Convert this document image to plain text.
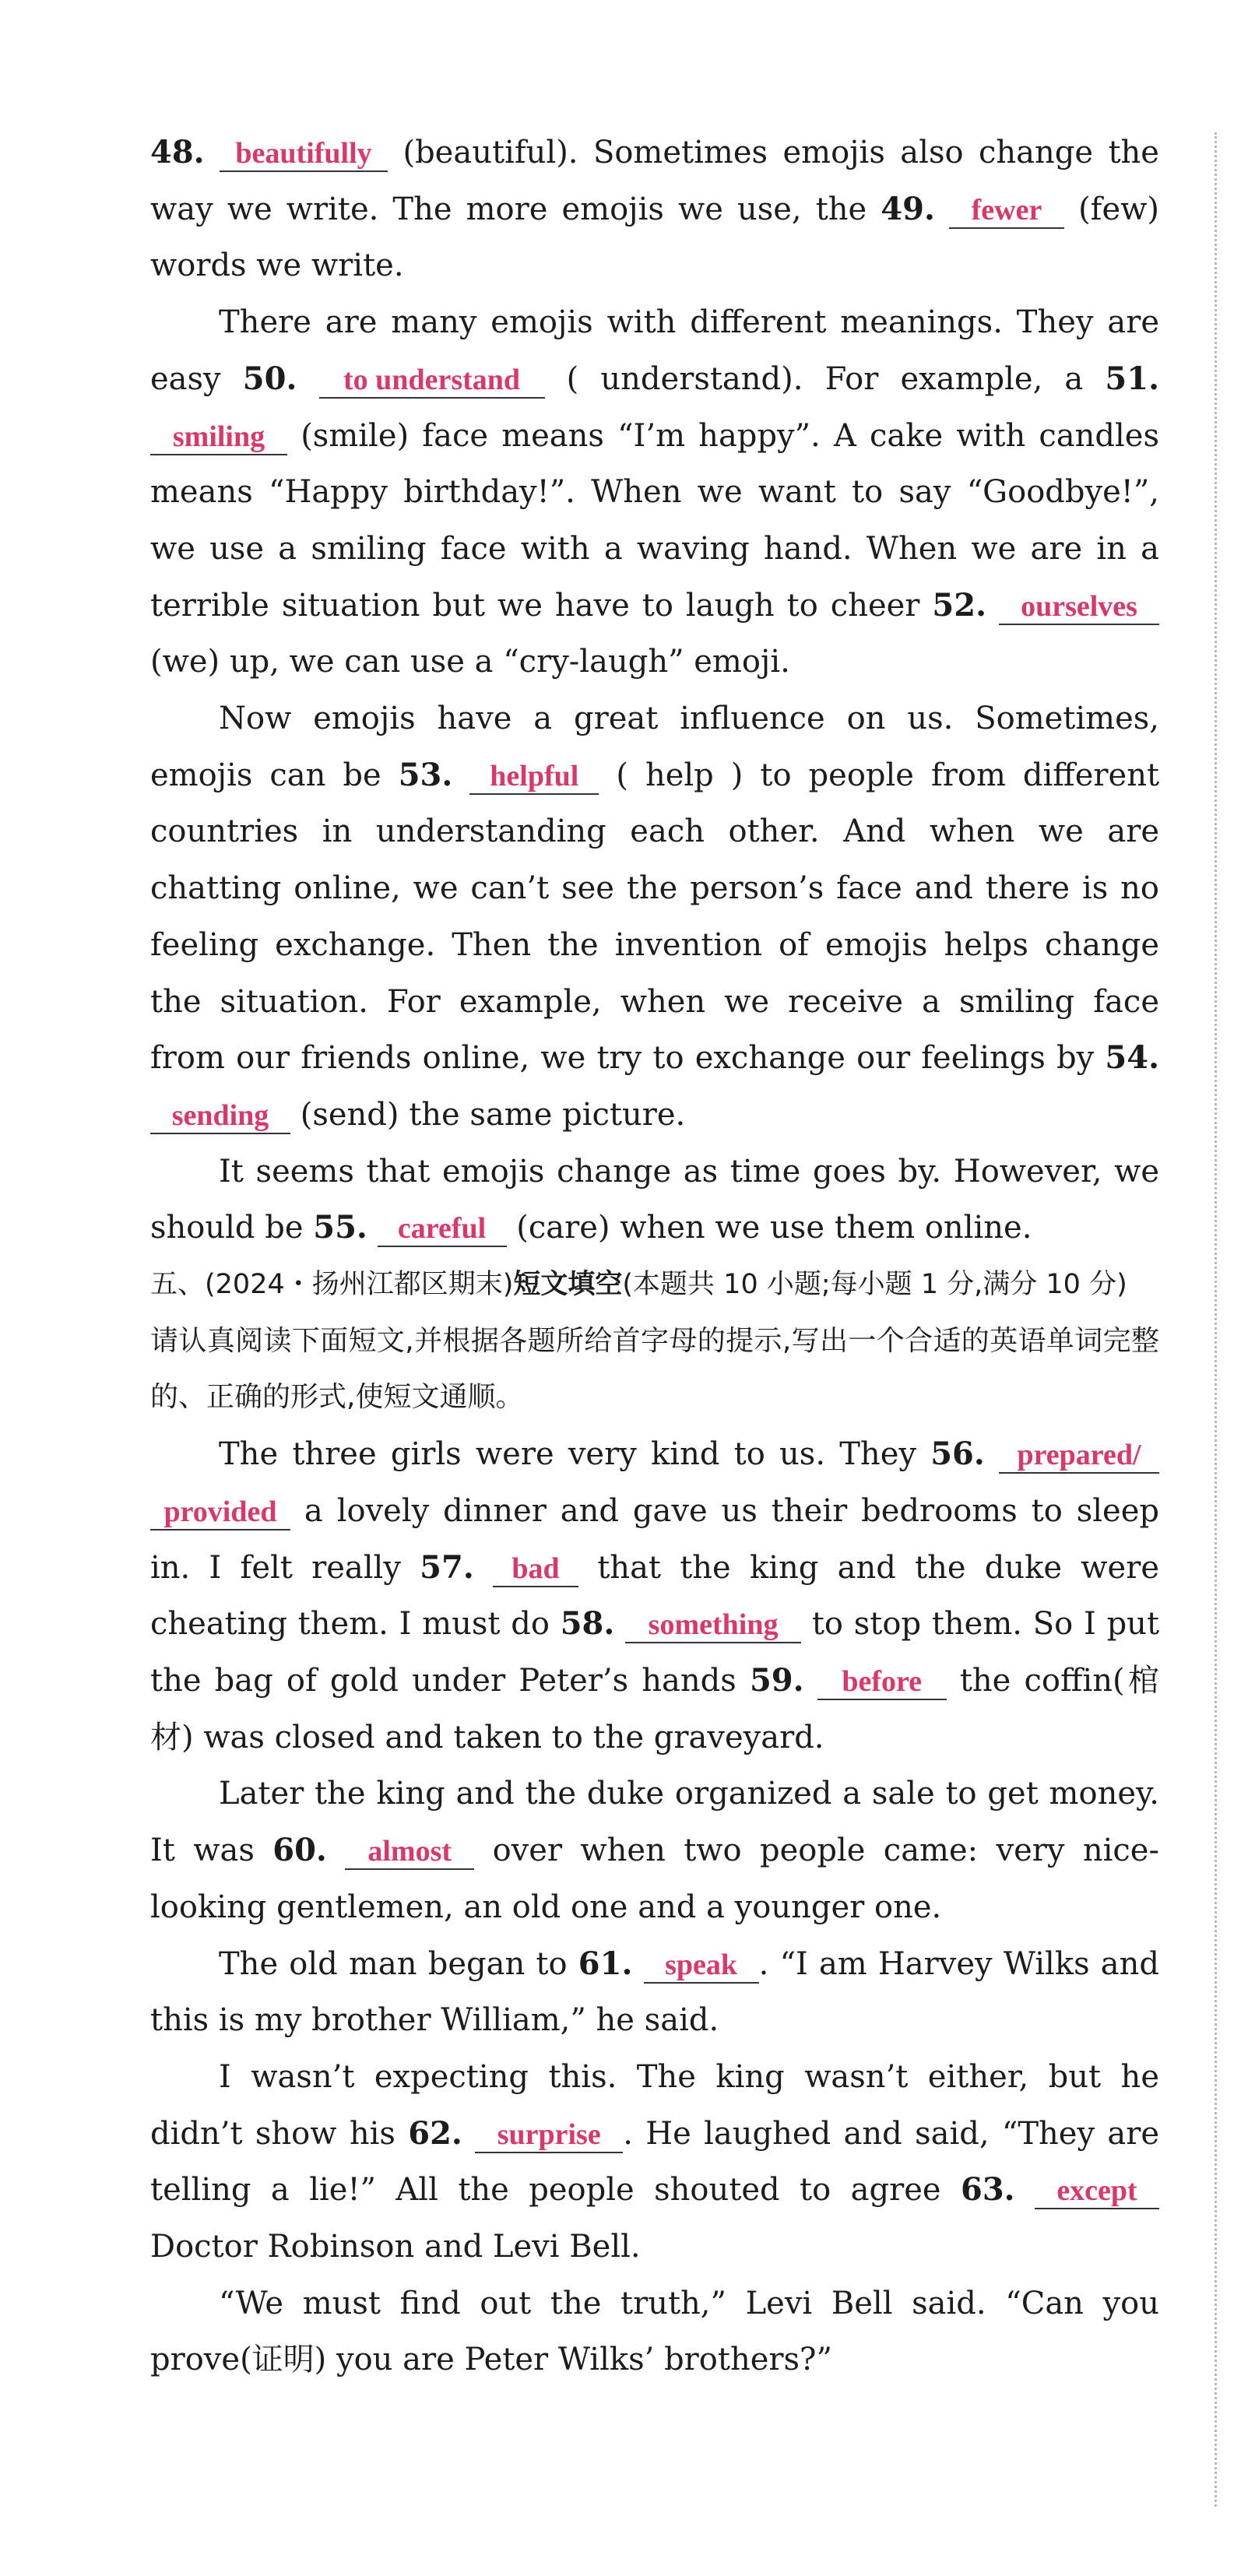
48. beautifully (beautiful). Sometimes emojis also change the way we write. The more emojis we use, the 49. fewer (few) words we write.

There are many emojis with different meanings. They are easy 50. to understand ( understand). For example, a 51. smiling (smile) face means “I’m happy”. A cake with candles means “Happy birthday!”. When we want to say “Goodbye!”, we use a smiling face with a waving hand. When we are in a terrible situation but we have to laugh to cheer 52. ourselves (we) up, we can use a “cry-laugh” emoji.

Now emojis have a great influence on us. Sometimes, emojis can be 53. helpful ( help ) to people from different countries in understanding each other. And when we are chatting online, we can’t see the person’s face and there is no feeling exchange. Then the invention of emojis helps change the situation. For example, when we receive a smiling face from our friends online, we try to exchange our feelings by 54. sending (send) the same picture.

It seems that emojis change as time goes by. However, we should be 55. careful (care) when we use them online.

五、(2024・扬州江都区期末)短文填空(本题共 10 小题;每小题 1 分,满分 10 分)

请认真阅读下面短文,并根据各题所给首字母的提示,写出一个合适的英语单词完整的、正确的形式,使短文通顺。

The three girls were very kind to us. They 56. prepared/ provided a lovely dinner and gave us their bedrooms to sleep in. I felt really 57. bad that the king and the duke were cheating them. I must do 58. something to stop them. So I put the bag of gold under Peter’s hands 59. before the coffin(棺材) was closed and taken to the graveyard.

Later the king and the duke organized a sale to get money. It was 60. almost over when two people came: very nice-looking gentlemen, an old one and a younger one.

The old man began to 61. speak . “I am Harvey Wilks and this is my brother William,” he said.

I wasn’t expecting this. The king wasn’t either, but he didn’t show his 62. surprise . He laughed and said, “They are telling a lie!” All the people shouted to agree 63. except Doctor Robinson and Levi Bell.

“We must find out the truth,” Levi Bell said. “Can you prove(证明) you are Peter Wilks’ brothers?”
